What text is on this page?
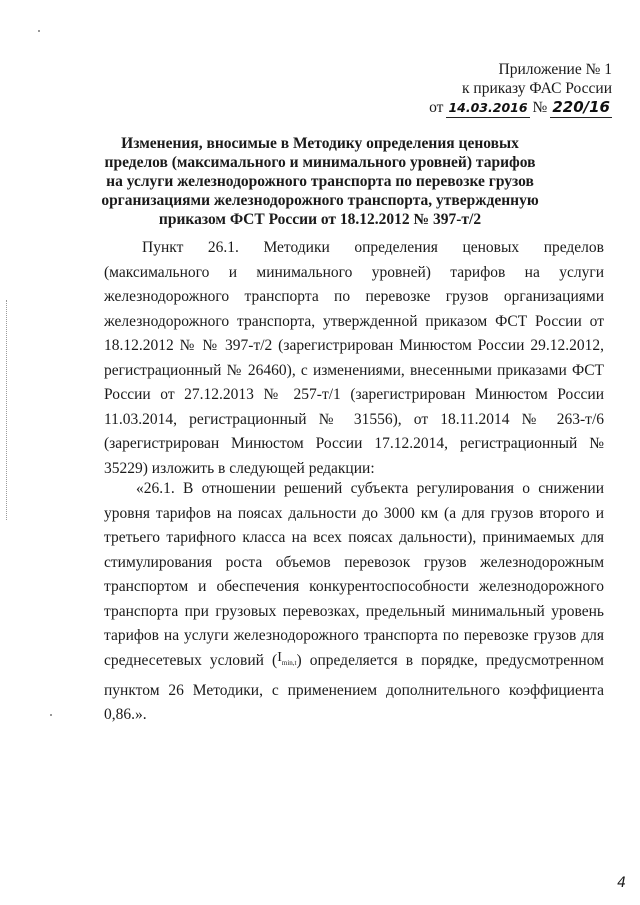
Приложение № 1
к приказу ФАС России
от 14.03.2016 № 220/16
Изменения, вносимые в Методику определения ценовых пределов (максимального и минимального уровней) тарифов на услуги железнодорожного транспорта по перевозке грузов организациями железнодорожного транспорта, утвержденную приказом ФСТ России от 18.12.2012 № 397-т/2
Пункт 26.1. Методики определения ценовых пределов (максимального и минимального уровней) тарифов на услуги железнодорожного транспорта по перевозке грузов организациями железнодорожного транспорта, утвержденной приказом ФСТ России от 18.12.2012 № № 397-т/2 (зарегистрирован Минюстом России 29.12.2012, регистрационный № 26460), с изменениями, внесенными приказами ФСТ России от 27.12.2013 № 257-т/1 (зарегистрирован Минюстом России 11.03.2014, регистрационный № 31556), от 18.11.2014 № 263-т/6 (зарегистрирован Минюстом России 17.12.2014, регистрационный № 35229) изложить в следующей редакции:
«26.1. В отношении решений субъекта регулирования о снижении уровня тарифов на поясах дальности до 3000 км (а для грузов второго и третьего тарифного класса на всех поясах дальности), принимаемых для стимулирования роста объемов перевозок грузов железнодорожным транспортом и обеспечения конкурентоспособности железнодорожного транспорта при грузовых перевозках, предельный минимальный уровень тарифов на услуги железнодорожного транспорта по перевозке грузов для среднесетевых условий $(I_{min,t})$ определяется в порядке, предусмотренном пунктом 26 Методики, с применением дополнительного коэффициента 0,86.».
4
